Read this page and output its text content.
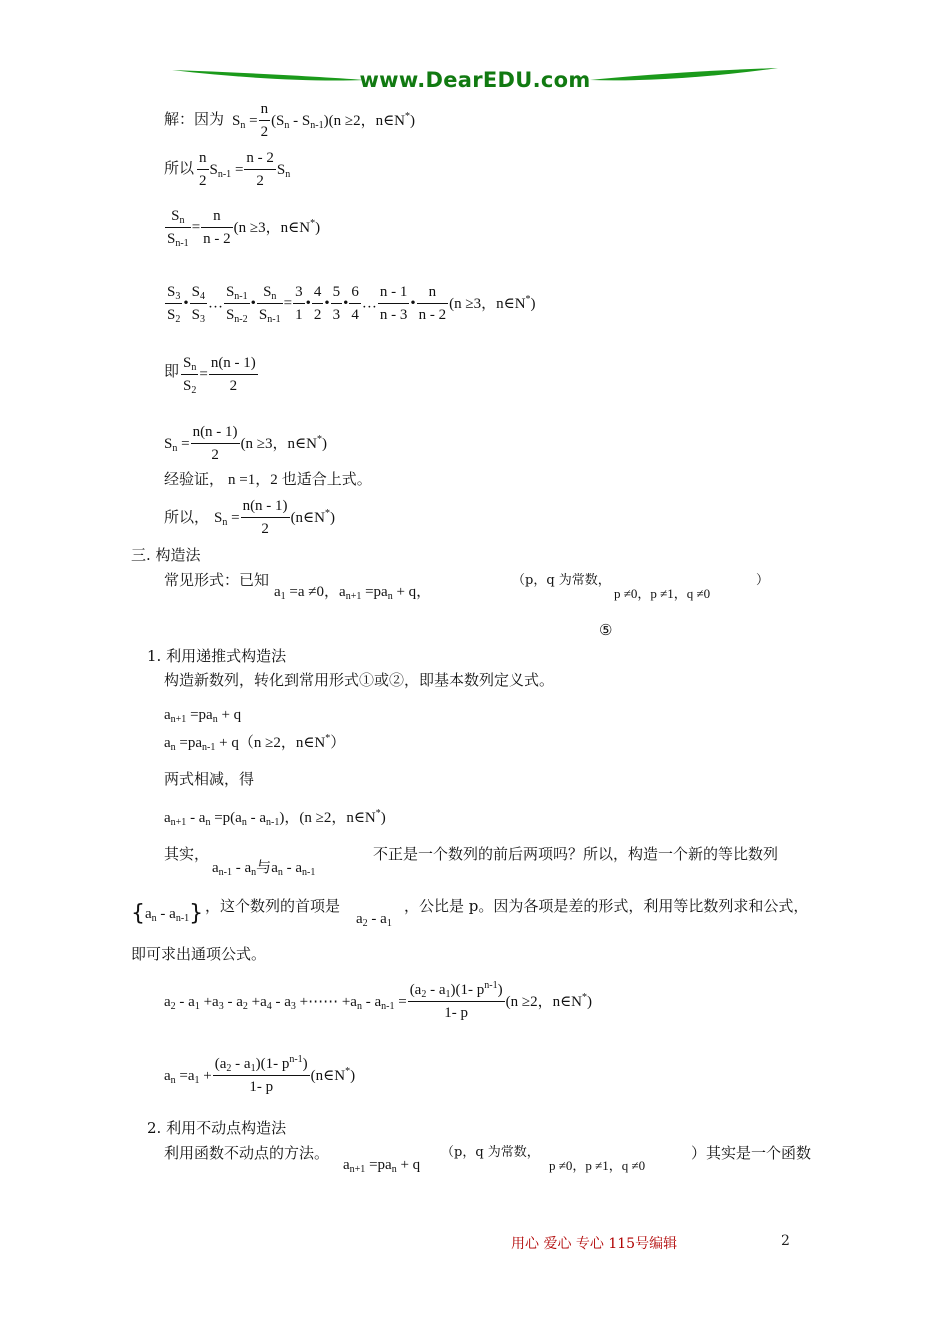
www.DearEDU.com
解：因为 $S_n = \frac{n}{2} (S_n - S_{n-1})(n \ge 2$，n∈N*)
所以 $\frac{n}{2} S_{n-1} = \frac{n - 2}{2} S_n$
$\frac{S_n}{S_{n-1}} = \frac{n}{n - 2} (n \ge 3$，n∈N*)
$\frac{S_3}{S_2}$ • $\frac{S_4}{S_3}$ … $\frac{S_{n-1}}{S_{n-2}}$ • $\frac{S_n}{S_{n-1}} = \frac{3}{1}$ • $\frac{4}{2}$ • $\frac{5}{3}$ • $\frac{6}{4}$ … $\frac{n - 1}{n - 3}$ • $\frac{n}{n - 2} (n \ge 3$，n∈N*)
即 $\frac{S_n}{S_2} = \frac{n(n - 1)}{2}$
$S_n = \frac{n(n - 1)}{2} (n \ge 3$，n∈N*)
经验证， n =1，2 也适合上式。
所以， $S_n = \frac{n(n - 1)}{2}$ (n∈N*)
三. 构造法
常见形式：已知
$a_1 =a \ne 0$，$a_{n+1} =pa_n + q$，
（p，q 为常数，
p ≠0，p ≠1，q ≠0
）
⑤
1. 利用递推式构造法
构造新数列，转化到常用形式①或②，即基本数列定义式。
$a_{n+1} =pa_n + q$
$a_n =pa_{n-1} + q(n \ge 2$，n∈N*）
两式相减，得
$a_{n+1} - a_n =p(a_n - a_{n-1})$，(n ≥2，n∈N*)
其实，
$a_{n-1} - a_n$与$a_n - a_{n-1}$
不正是一个数列的前后两项吗？所以，构造一个新的等比数列
$\{a_n - a_{n-1}\}$ ，这个数列的首项是
$a_2 - a_1$
，公比是 p。因为各项是差的形式，利用等比数列求和公式，
即可求出通项公式。
$a_2 - a_1 +a_3 - a_2 +a_4 - a_3$ +⋯⋯ $+a_n - a_{n-1} = \frac{(a_2 - a_1)(1- p^{n-1})}{1- p} (n \ge 2$，n∈N*)
$a_n =a_1 + \frac{(a_2 - a_1)(1- p^{n-1})}{1- p}$ (n∈N*)
2. 利用不动点构造法
利用函数不动点的方法。
$a_{n+1} =pa_n + q$
（p，q 为常数，
p ≠0，p ≠1，q ≠0
）其实是一个函数
用心 爱心 专心 115号编辑	2
